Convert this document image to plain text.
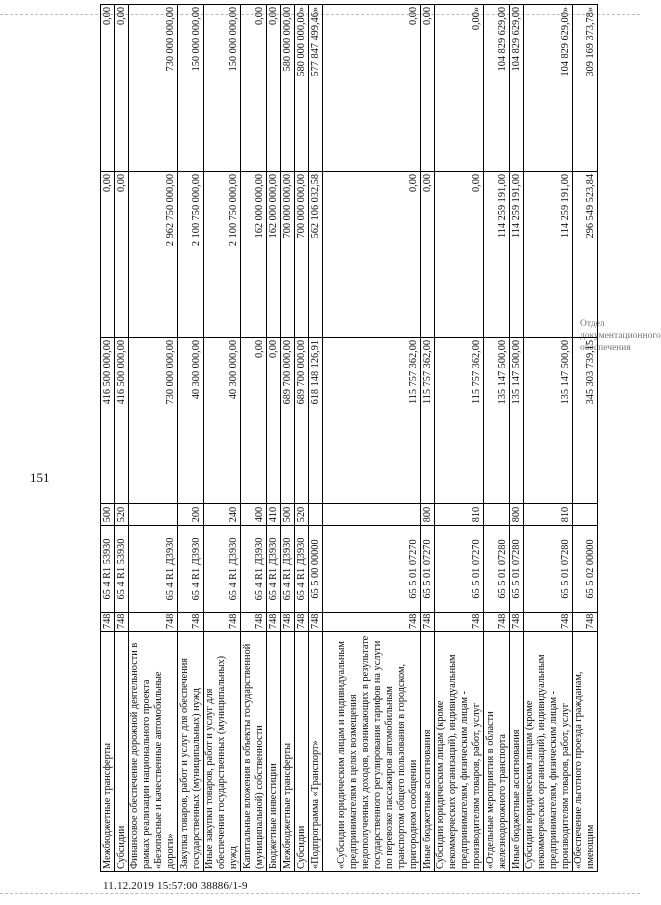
151
Отдел документационного обеспечения
11.12.2019 15:57:00 38886/1-9
Межбюджетные трансферты	748	65 4 R1 53930	500	416 500 000,00	0,00	0,00
Субсидии	748	65 4 R1 53930	520	416 500 000,00	0,00	0,00
Финансовое обеспечение дорожной деятельности в рамках реализации национального проекта «Безопасные и качественные автомобильные дороги»	748	65 4 R1 Д3930		730 000 000,00	2 962 750 000,00	730 000 000,00
Закупка товаров, работ и услуг для обеспечения государственных (муниципальных) нужд	748	65 4 R1 Д3930	200	40 300 000,00	2 100 750 000,00	150 000 000,00
Иные закупки товаров, работ и услуг для обеспечения государственных (муниципальных) нужд	748	65 4 R1 Д3930	240	40 300 000,00	2 100 750 000,00	150 000 000,00
Капитальные вложения в объекты государственной (муниципальной) собственности	748	65 4 R1 Д3930	400	0,00	162 000 000,00	0,00
Бюджетные инвестиции	748	65 4 R1 Д3930	410	0,00	162 000 000,00	0,00
Межбюджетные трансферты	748	65 4 R1 Д3930	500	689 700 000,00	700 000 000,00	580 000 000,00
Субсидии	748	65 4 R1 Д3930	520	689 700 000,00	700 000 000,00	580 000 000,00»
«Подпрограмма «Транспорт»	748	65 5 00 00000		618 148 126,91	562 106 032,58	577 847 499,46»
«Субсидии юридическим лицам и индивидуальным предпринимателям в целях возмещения недополученных доходов, возникающих в результате государственного регулирования тарифов на услуги по перевозке пассажиров автомобильным транспортом общего пользования в городском, пригородном сообщении	748	65 5 01 07270		115 757 362,00	0,00	0,00
Иные бюджетные ассигнования	748	65 5 01 07270	800	115 757 362,00	0,00	0,00
Субсидии юридическим лицам (кроме некоммерческих организаций), индивидуальным предпринимателям, физическим лицам - производителям товаров, работ, услуг	748	65 5 01 07270	810	115 757 362,00	0,00	0,00»
«Отдельные мероприятия в области железнодорожного транспорта	748	65 5 01 07280		135 147 500,00	114 259 191,00	104 829 629,00
Иные бюджетные ассигнования	748	65 5 01 07280	800	135 147 500,00	114 259 191,00	104 829 629,00
Субсидии юридическим лицам (кроме некоммерческих организаций), индивидуальным предпринимателям, физическим лицам - производителям товаров, работ, услуг	748	65 5 01 07280	810	135 147 500,00	114 259 191,00	104 829 629,00»
«Обеспечение льготного проезда гражданам, имеющим	748	65 5 02 00000		345 303 739,15	296 549 523,84	309 169 373,78»
